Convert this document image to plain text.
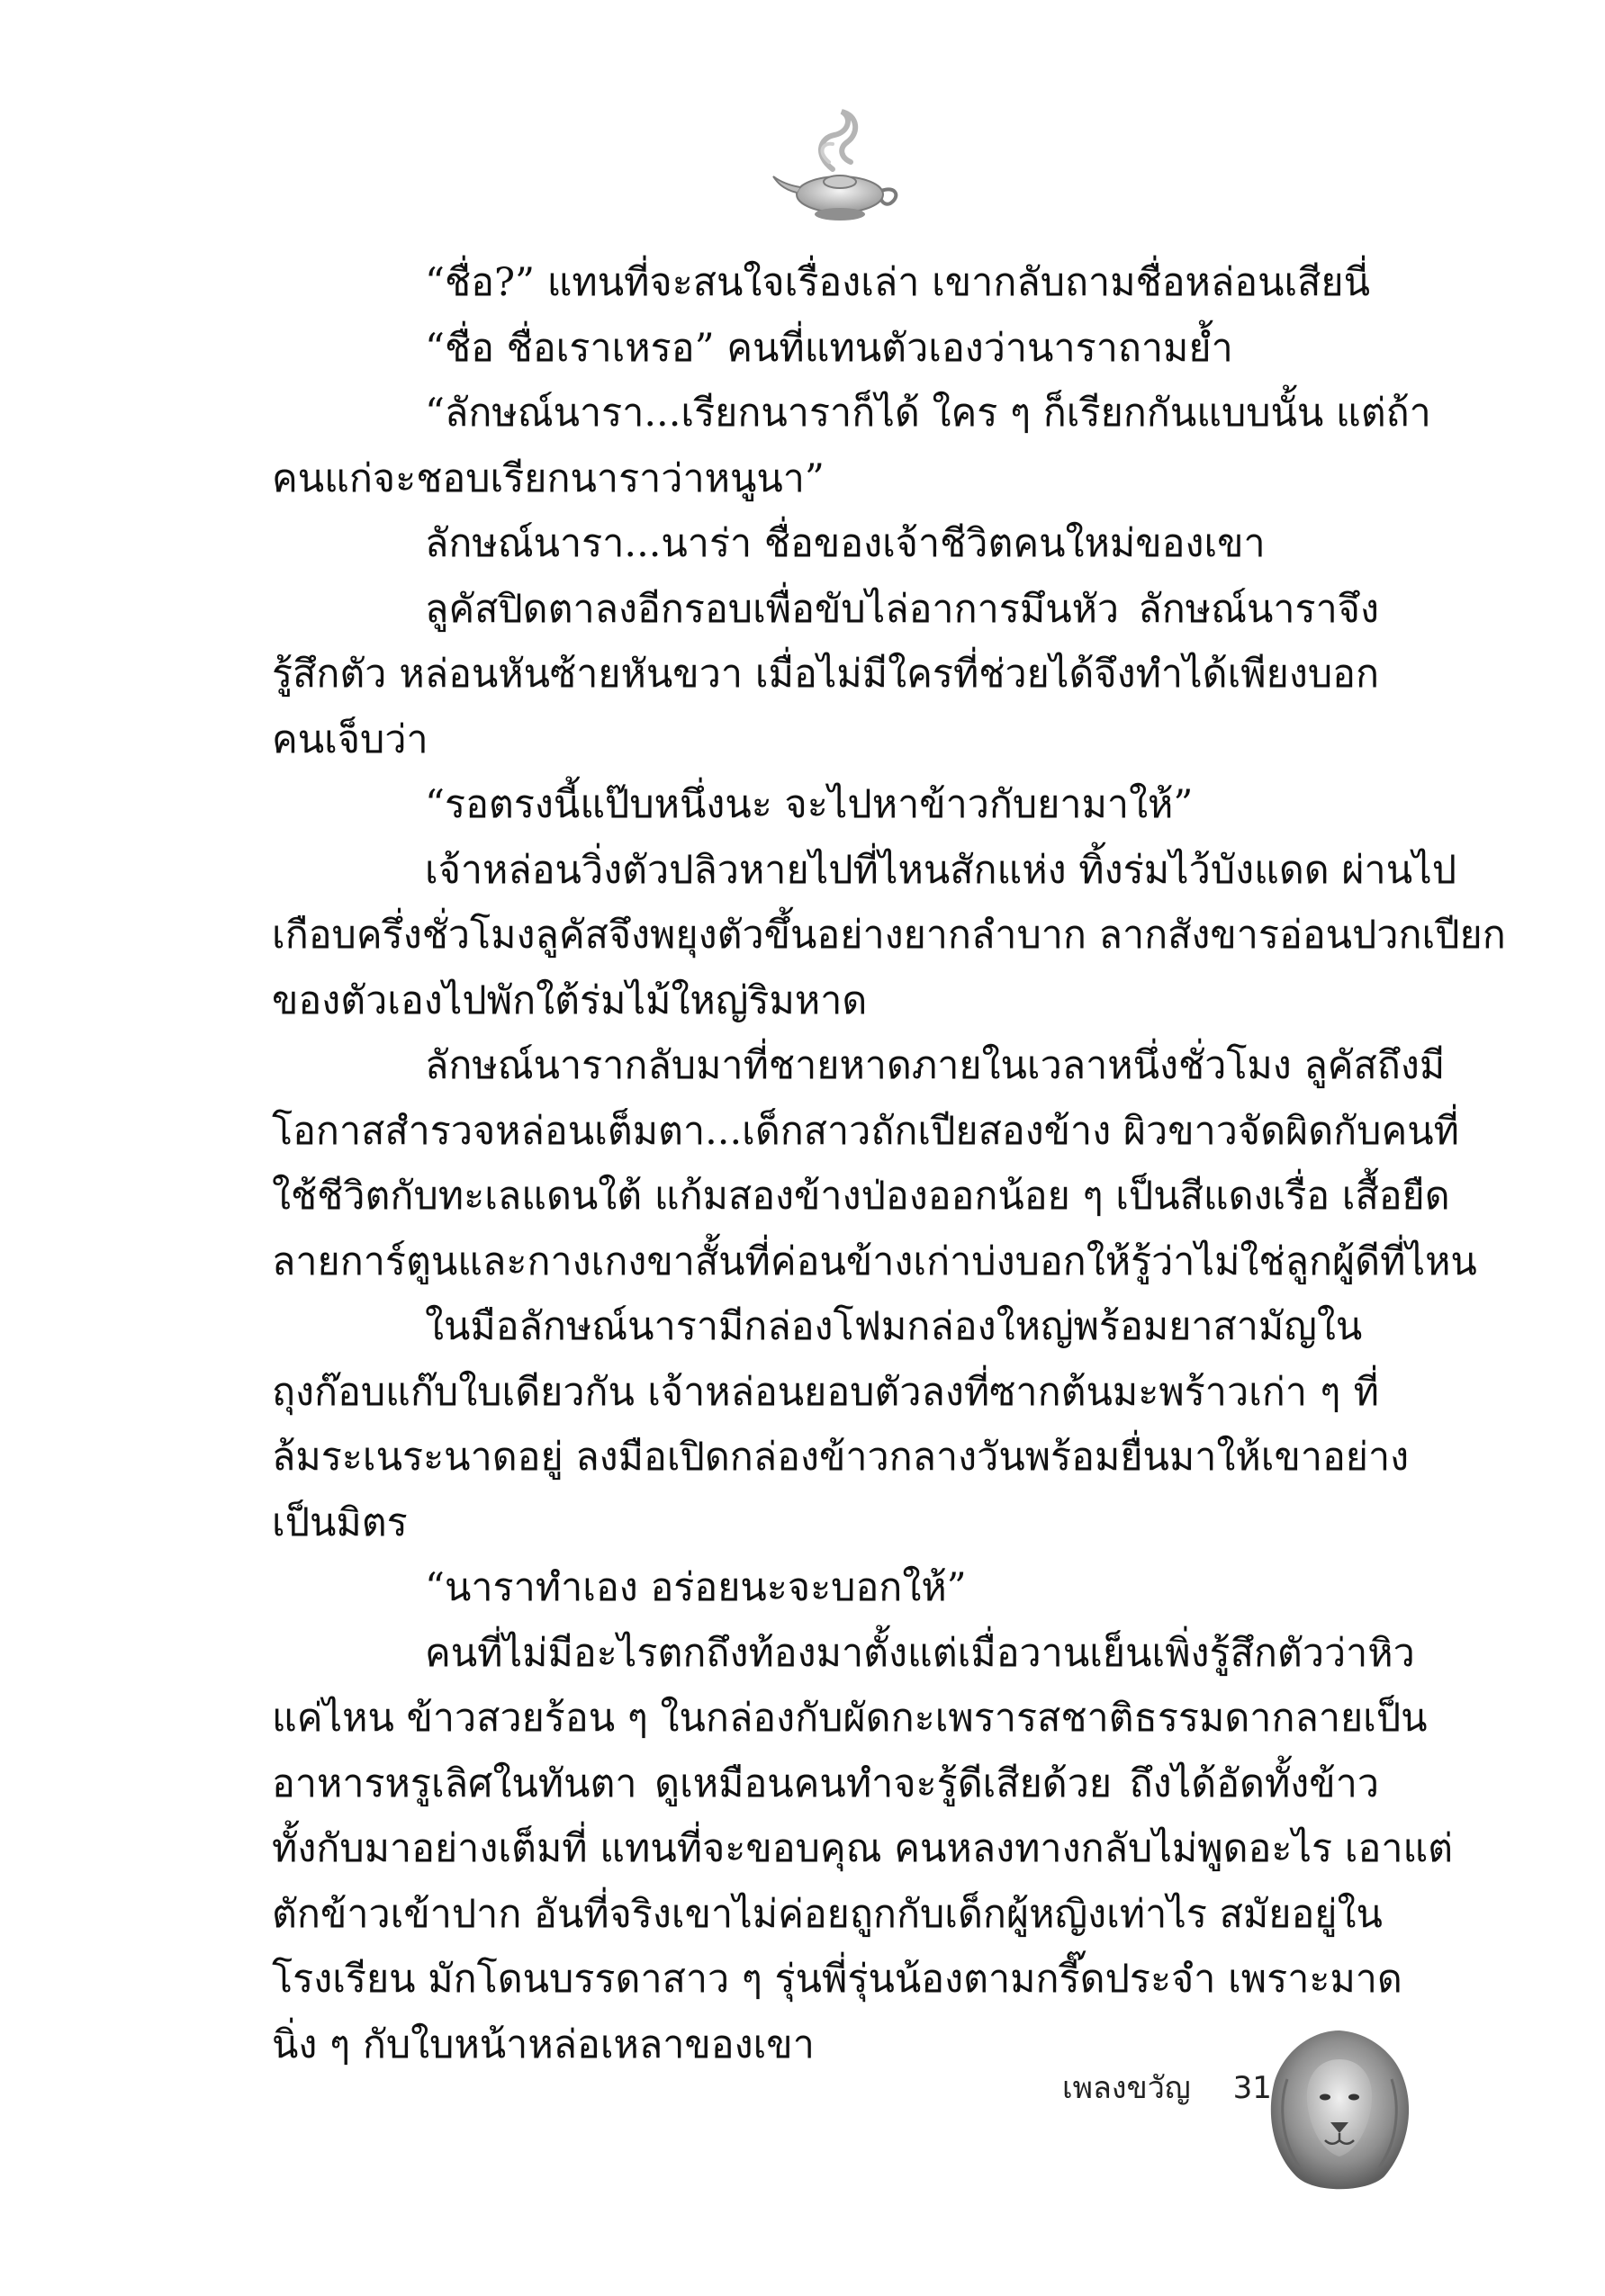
“ชื่อ?” แทนที่จะสนใจเรื่องเล่า เขากลับถามชื่อหล่อนเสียนี่
“ชื่อ ชื่อเราเหรอ” คนที่แทนตัวเองว่านาราถามย้ำ
“ลักษณ์นารา...เรียกนาราก็ได้ ใคร ๆ ก็เรียกกันแบบนั้น แต่ถ้า
คนแก่จะชอบเรียกนาราว่าหนูนา”
ลักษณ์นารา...นาร่า ชื่อของเจ้าชีวิตคนใหม่ของเขา
ลูคัสปิดตาลงอีกรอบเพื่อขับไล่อาการมึนหัว ลักษณ์นาราจึง
รู้สึกตัว หล่อนหันซ้ายหันขวา เมื่อไม่มีใครที่ช่วยได้จึงทำได้เพียงบอก
คนเจ็บว่า
“รอตรงนี้แป๊บหนึ่งนะ จะไปหาข้าวกับยามาให้”
เจ้าหล่อนวิ่งตัวปลิวหายไปที่ไหนสักแห่ง ทิ้งร่มไว้บังแดด ผ่านไป
เกือบครึ่งชั่วโมงลูคัสจึงพยุงตัวขึ้นอย่างยากลำบาก ลากสังขารอ่อนปวกเปียก
ของตัวเองไปพักใต้ร่มไม้ใหญ่ริมหาด
ลักษณ์นารากลับมาที่ชายหาดภายในเวลาหนึ่งชั่วโมง ลูคัสถึงมี
โอกาสสำรวจหล่อนเต็มตา...เด็กสาวถักเปียสองข้าง ผิวขาวจัดผิดกับคนที่
ใช้ชีวิตกับทะเลแดนใต้ แก้มสองข้างป่องออกน้อย ๆ เป็นสีแดงเรื่อ เสื้อยืด
ลายการ์ตูนและกางเกงขาสั้นที่ค่อนข้างเก่าบ่งบอกให้รู้ว่าไม่ใช่ลูกผู้ดีที่ไหน
ในมือลักษณ์นารามีกล่องโฟมกล่องใหญ่พร้อมยาสามัญใน
ถุงก๊อบแก๊บใบเดียวกัน เจ้าหล่อนยอบตัวลงที่ซากต้นมะพร้าวเก่า ๆ ที่
ล้มระเนระนาดอยู่ ลงมือเปิดกล่องข้าวกลางวันพร้อมยื่นมาให้เขาอย่าง
เป็นมิตร
“นาราทำเอง อร่อยนะจะบอกให้”
คนที่ไม่มีอะไรตกถึงท้องมาตั้งแต่เมื่อวานเย็นเพิ่งรู้สึกตัวว่าหิว
แค่ไหน ข้าวสวยร้อน ๆ ในกล่องกับผัดกะเพรารสชาติธรรมดากลายเป็น
อาหารหรูเลิศในทันตา ดูเหมือนคนทำจะรู้ดีเสียด้วย ถึงได้อัดทั้งข้าว
ทั้งกับมาอย่างเต็มที่ แทนที่จะขอบคุณ คนหลงทางกลับไม่พูดอะไร เอาแต่
ตักข้าวเข้าปาก อันที่จริงเขาไม่ค่อยถูกกับเด็กผู้หญิงเท่าไร สมัยอยู่ใน
โรงเรียน มักโดนบรรดาสาว ๆ รุ่นพี่รุ่นน้องตามกรี๊ดประจำ เพราะมาด
นิ่ง ๆ กับใบหน้าหล่อเหลาของเขา
เพลงขวัญ 31
